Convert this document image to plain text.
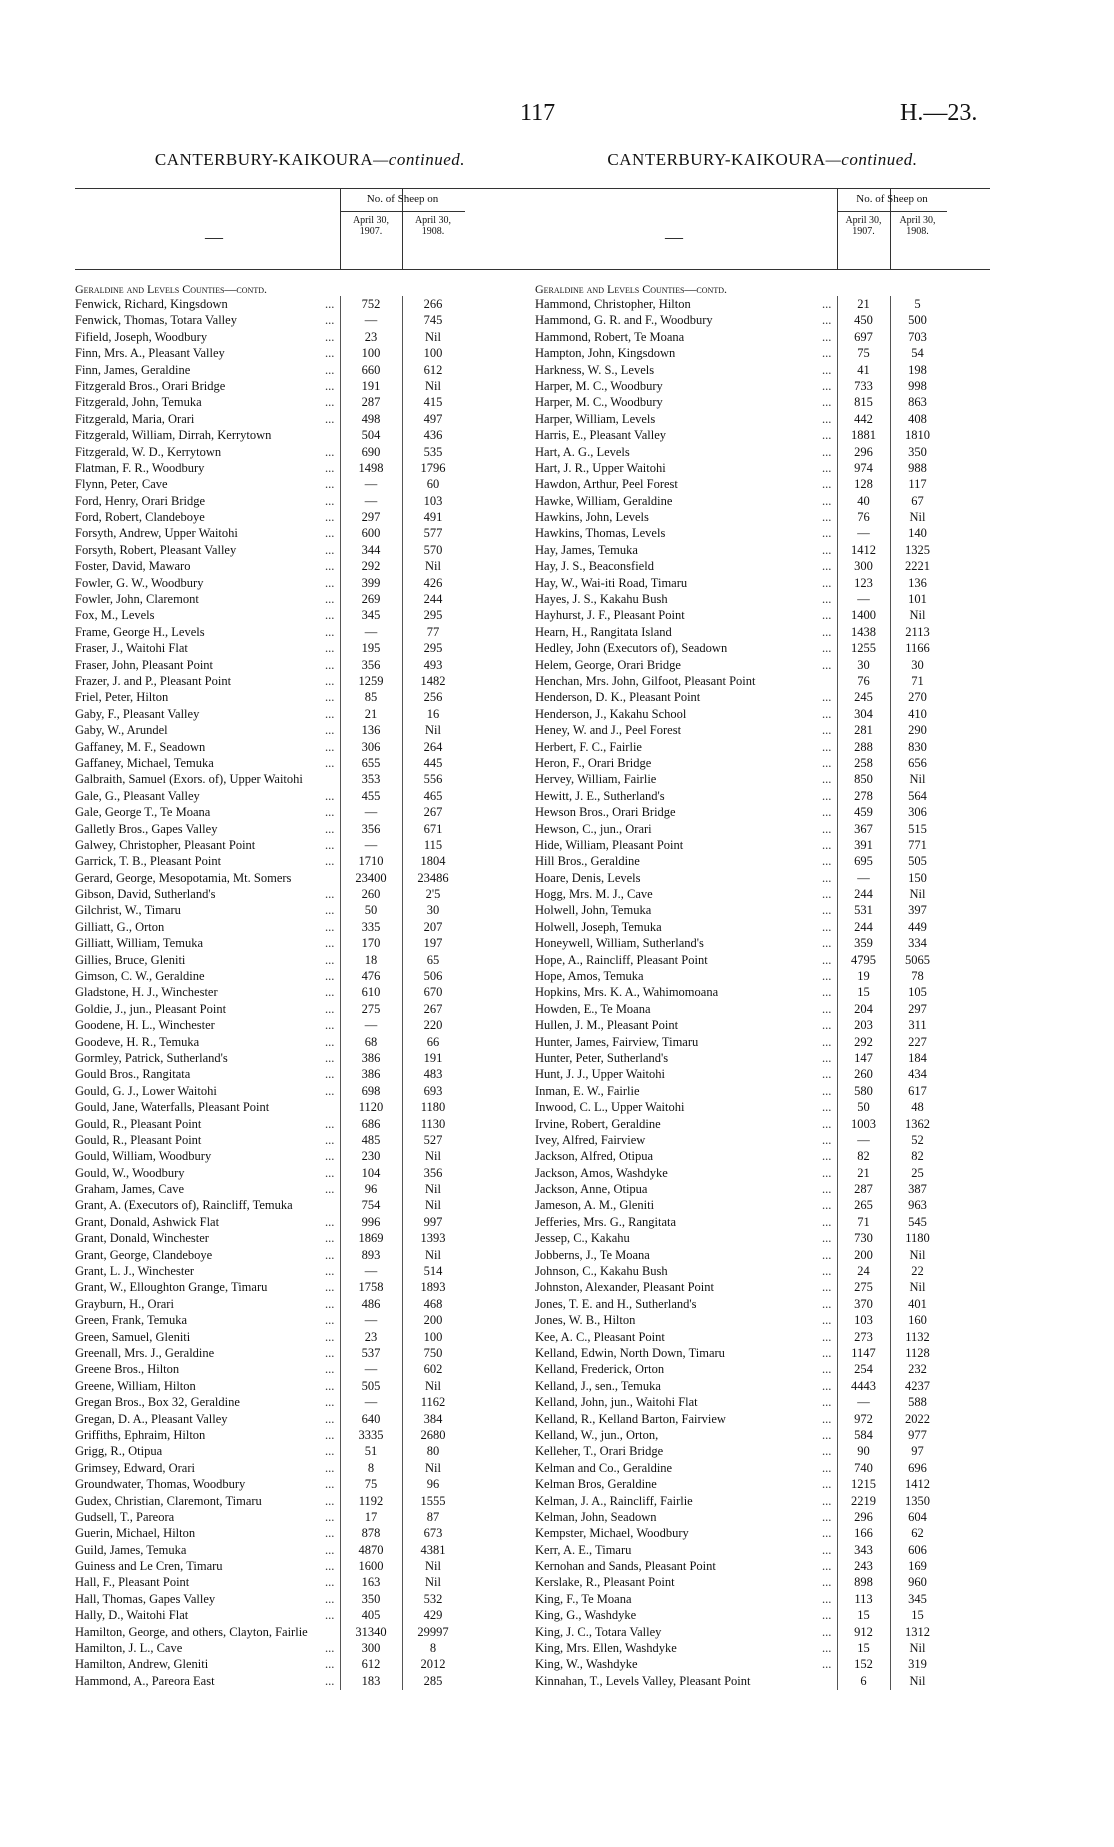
117	H.—23.
CANTERBURY-KAIKOURA—continued.
—
No. of Sheep on
April 30,
1907.
April 30,
1908.
Geraldine and Levels Counties—contd.
Fenwick, Richard, Kingsdown	...	752	266
Fenwick, Thomas, Totara Valley	...	—	745
Fifield, Joseph, Woodbury	...	23	Nil
Finn, Mrs. A., Pleasant Valley	...	100	100
Finn, James, Geraldine	...	660	612
Fitzgerald Bros., Orari Bridge	...	191	Nil
Fitzgerald, John, Temuka	...	287	415
Fitzgerald, Maria, Orari	...	498	497
Fitzgerald, William, Dirrah, Kerrytown	504	436
Fitzgerald, W. D., Kerrytown	...	690	535
Flatman, F. R., Woodbury	...	1498	1796
Flynn, Peter, Cave	...	—	60
Ford, Henry, Orari Bridge	...	—	103
Ford, Robert, Clandeboye	...	297	491
Forsyth, Andrew, Upper Waitohi	...	600	577
Forsyth, Robert, Pleasant Valley	...	344	570
Foster, David, Mawaro	...	292	Nil
Fowler, G. W., Woodbury	...	399	426
Fowler, John, Claremont	...	269	244
Fox, M., Levels	...	345	295
Frame, George H., Levels	...	—	77
Fraser, J., Waitohi Flat	...	195	295
Fraser, John, Pleasant Point	...	356	493
Frazer, J. and P., Pleasant Point	...	1259	1482
Friel, Peter, Hilton	...	85	256
Gaby, F., Pleasant Valley	...	21	16
Gaby, W., Arundel	...	136	Nil
Gaffaney, M. F., Seadown	...	306	264
Gaffaney, Michael, Temuka	...	655	445
Galbraith, Samuel (Exors. of), Upper Waitohi	353	556
Gale, G., Pleasant Valley	...	455	465
Gale, George T., Te Moana	...	—	267
Galletly Bros., Gapes Valley	...	356	671
Galwey, Christopher, Pleasant Point	...	—	115
Garrick, T. B., Pleasant Point	...	1710	1804
Gerard, George, Mesopotamia, Mt. Somers	23400	23486
Gibson, David, Sutherland's	...	260	2'5
Gilchrist, W., Timaru	...	50	30
Gilliatt, G., Orton	...	335	207
Gilliatt, William, Temuka	...	170	197
Gillies, Bruce, Gleniti	...	18	65
Gimson, C. W., Geraldine	...	476	506
Gladstone, H. J., Winchester	...	610	670
Goldie, J., jun., Pleasant Point	...	275	267
Goodene, H. L., Winchester	...	—	220
Goodeve, H. R., Temuka	...	68	66
Gormley, Patrick, Sutherland's	...	386	191
Gould Bros., Rangitata	...	386	483
Gould, G. J., Lower Waitohi	...	698	693
Gould, Jane, Waterfalls, Pleasant Point	1120	1180
Gould, R., Pleasant Point	...	686	1130
Gould, R., Pleasant Point	...	485	527
Gould, William, Woodbury	...	230	Nil
Gould, W., Woodbury	...	104	356
Graham, James, Cave	...	96	Nil
Grant, A. (Executors of), Raincliff, Temuka	754	Nil
Grant, Donald, Ashwick Flat	...	996	997
Grant, Donald, Winchester	...	1869	1393
Grant, George, Clandeboye	...	893	Nil
Grant, L. J., Winchester	...	—	514
Grant, W., Elloughton Grange, Timaru	...	1758	1893
Grayburn, H., Orari	...	486	468
Green, Frank, Temuka	...	—	200
Green, Samuel, Gleniti	...	23	100
Greenall, Mrs. J., Geraldine	...	537	750
Greene Bros., Hilton	...	—	602
Greene, William, Hilton	...	505	Nil
Gregan Bros., Box 32, Geraldine	...	—	1162
Gregan, D. A., Pleasant Valley	...	640	384
Griffiths, Ephraim, Hilton	...	3335	2680
Grigg, R., Otipua	...	51	80
Grimsey, Edward, Orari	...	8	Nil
Groundwater, Thomas, Woodbury	...	75	96
Gudex, Christian, Claremont, Timaru	...	1192	1555
Gudsell, T., Pareora	...	17	87
Guerin, Michael, Hilton	...	878	673
Guild, James, Temuka	...	4870	4381
Guiness and Le Cren, Timaru	...	1600	Nil
Hall, F., Pleasant Point	...	163	Nil
Hall, Thomas, Gapes Valley	...	350	532
Hally, D., Waitohi Flat	...	405	429
Hamilton, George, and others, Clayton, Fairlie	31340	29997
Hamilton, J. L., Cave	...	300	8
Hamilton, Andrew, Gleniti	...	612	2012
Hammond, A., Pareora East	...	183	285
CANTERBURY-KAIKOURA—continued.
—
No. of Sheep on
April 30,
1907.
April 30,
1908.
Geraldine and Levels Counties—contd.
Hammond, Christopher, Hilton	...	21	5
Hammond, G. R. and F., Woodbury	...	450	500
Hammond, Robert, Te Moana	...	697	703
Hampton, John, Kingsdown	...	75	54
Harkness, W. S., Levels	...	41	198
Harper, M. C., Woodbury	...	733	998
Harper, M. C., Woodbury	...	815	863
Harper, William, Levels	...	442	408
Harris, E., Pleasant Valley	...	1881	1810
Hart, A. G., Levels	...	296	350
Hart, J. R., Upper Waitohi	...	974	988
Hawdon, Arthur, Peel Forest	...	128	117
Hawke, William, Geraldine	...	40	67
Hawkins, John, Levels	...	76	Nil
Hawkins, Thomas, Levels	...	—	140
Hay, James, Temuka	...	1412	1325
Hay, J. S., Beaconsfield	...	300	2221
Hay, W., Wai-iti Road, Timaru	...	123	136
Hayes, J. S., Kakahu Bush	...	—	101
Hayhurst, J. F., Pleasant Point	...	1400	Nil
Hearn, H., Rangitata Island	...	1438	2113
Hedley, John (Executors of), Seadown	...	1255	1166
Helem, George, Orari Bridge	...	30	30
Henchan, Mrs. John, Gilfoot, Pleasant Point	76	71
Henderson, D. K., Pleasant Point	...	245	270
Henderson, J., Kakahu School	...	304	410
Heney, W. and J., Peel Forest	...	281	290
Herbert, F. C., Fairlie	...	288	830
Heron, F., Orari Bridge	...	258	656
Hervey, William, Fairlie	...	850	Nil
Hewitt, J. E., Sutherland's	...	278	564
Hewson Bros., Orari Bridge	...	459	306
Hewson, C., jun., Orari	...	367	515
Hide, William, Pleasant Point	...	391	771
Hill Bros., Geraldine	...	695	505
Hoare, Denis, Levels	...	—	150
Hogg, Mrs. M. J., Cave	...	244	Nil
Holwell, John, Temuka	...	531	397
Holwell, Joseph, Temuka	...	244	449
Honeywell, William, Sutherland's	...	359	334
Hope, A., Raincliff, Pleasant Point	...	4795	5065
Hope, Amos, Temuka	...	19	78
Hopkins, Mrs. K. A., Wahimomoana	...	15	105
Howden, E., Te Moana	...	204	297
Hullen, J. M., Pleasant Point	...	203	311
Hunter, James, Fairview, Timaru	...	292	227
Hunter, Peter, Sutherland's	...	147	184
Hunt, J. J., Upper Waitohi	...	260	434
Inman, E. W., Fairlie	...	580	617
Inwood, C. L., Upper Waitohi	...	50	48
Irvine, Robert, Geraldine	...	1003	1362
Ivey, Alfred, Fairview	...	—	52
Jackson, Alfred, Otipua	...	82	82
Jackson, Amos, Washdyke	...	21	25
Jackson, Anne, Otipua	...	287	387
Jameson, A. M., Gleniti	...	265	963
Jefferies, Mrs. G., Rangitata	...	71	545
Jessep, C., Kakahu	...	730	1180
Jobberns, J., Te Moana	...	200	Nil
Johnson, C., Kakahu Bush	...	24	22
Johnston, Alexander, Pleasant Point	...	275	Nil
Jones, T. E. and H., Sutherland's	...	370	401
Jones, W. B., Hilton	...	103	160
Kee, A. C., Pleasant Point	...	273	1132
Kelland, Edwin, North Down, Timaru	...	1147	1128
Kelland, Frederick, Orton	...	254	232
Kelland, J., sen., Temuka	...	4443	4237
Kelland, John, jun., Waitohi Flat	...	—	588
Kelland, R., Kelland Barton, Fairview	...	972	2022
Kelland, W., jun., Orton,	...	584	977
Kelleher, T., Orari Bridge	...	90	97
Kelman and Co., Geraldine	...	740	696
Kelman Bros, Geraldine	...	1215	1412
Kelman, J. A., Raincliff, Fairlie	...	2219	1350
Kelman, John, Seadown	...	296	604
Kempster, Michael, Woodbury	...	166	62
Kerr, A. E., Timaru	...	343	606
Kernohan and Sands, Pleasant Point	...	243	169
Kerslake, R., Pleasant Point	...	898	960
King, F., Te Moana	...	113	345
King, G., Washdyke	...	15	15
King, J. C., Totara Valley	...	912	1312
King, Mrs. Ellen, Washdyke	...	15	Nil
King, W., Washdyke	...	152	319
Kinnahan, T., Levels Valley, Pleasant Point	6	Nil
